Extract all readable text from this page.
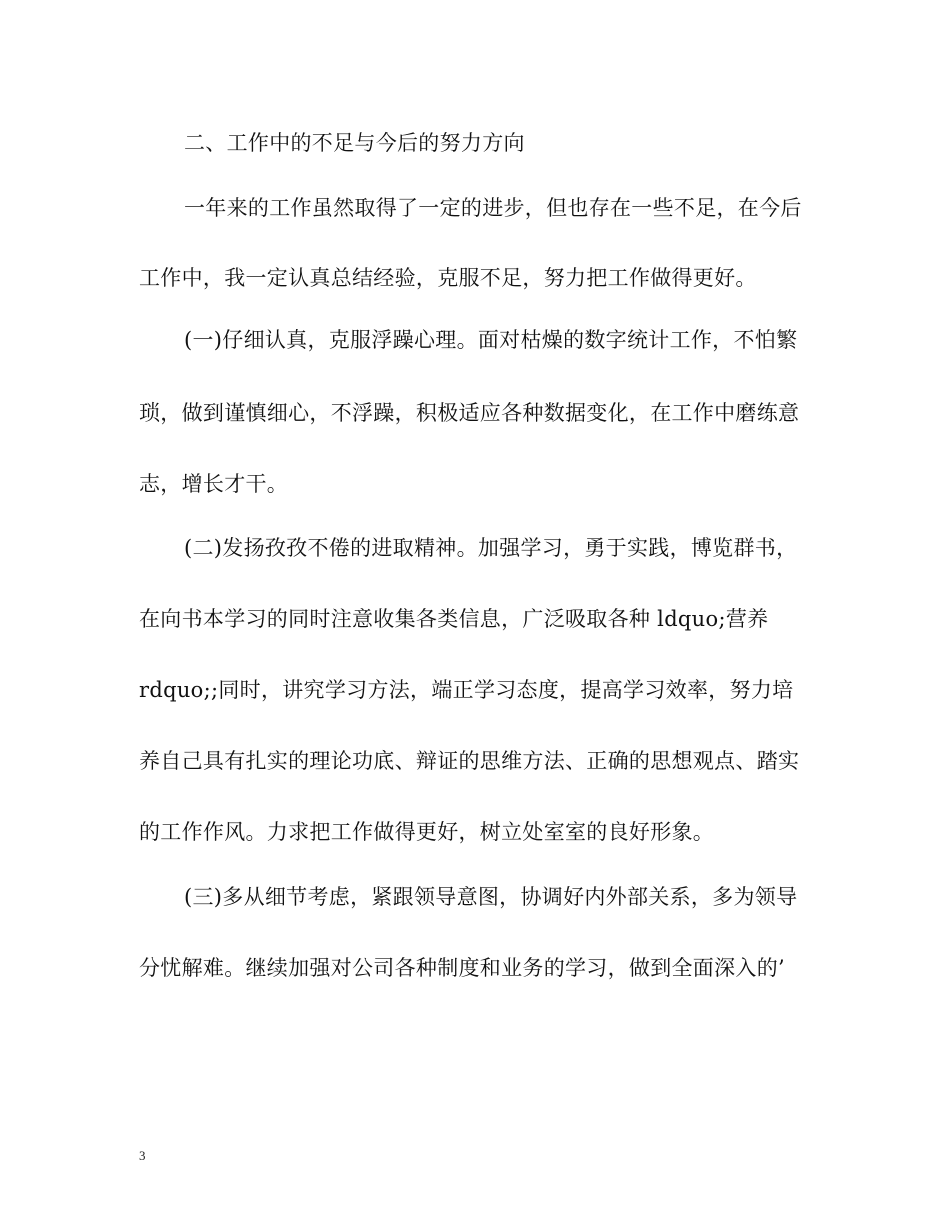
二、工作中的不足与今后的努力方向
一年来的工作虽然取得了一定的进步，但也存在一些不足，在今后
工作中，我一定认真总结经验，克服不足，努力把工作做得更好。
(一)仔细认真，克服浮躁心理。面对枯燥的数字统计工作，不怕繁
琐，做到谨慎细心，不浮躁，积极适应各种数据变化，在工作中磨练意
志，增长才干。
(二)发扬孜孜不倦的进取精神。加强学习，勇于实践，博览群书，
在向书本学习的同时注意收集各类信息，广泛吸取各种 ldquo;营养
rdquo;;同时，讲究学习方法，端正学习态度，提高学习效率，努力培
养自己具有扎实的理论功底、辩证的思维方法、正确的思想观点、踏实
的工作作风。力求把工作做得更好，树立处室室的良好形象。
(三)多从细节考虑，紧跟领导意图，协调好内外部关系，多为领导
分忧解难。继续加强对公司各种制度和业务的学习，做到全面深入的’
3
